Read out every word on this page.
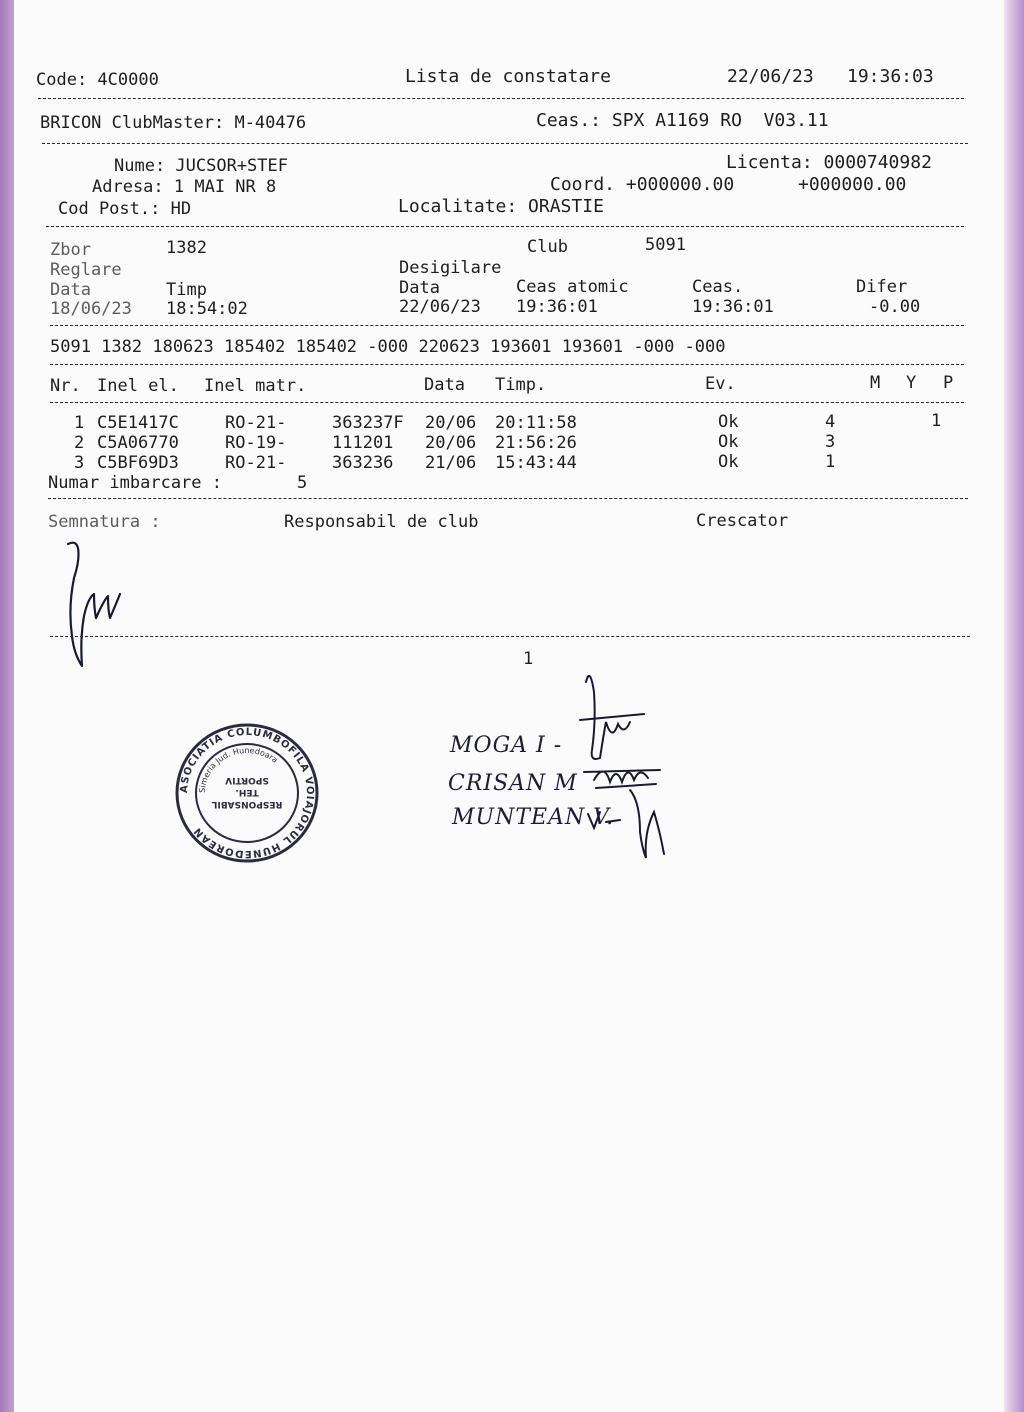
Code: 4C0000	Lista de constatare	22/06/23 19:36:03
BRICON ClubMaster: M-40476	Ceas.: SPX A1169 RO  V03.11
Nume: JUCSOR+STEF	Licenta: 0000740982
Adresa: 1 MAI NR 8	Coord. +000000.00	+000000.00
Cod Post.: HD	Localitate: ORASTIE
Zbor	1382	Club	5091
Reglare	Desigilare
Data	Timp	Data	Ceas atomic	Ceas.	Difer
18/06/23 18:54:02	22/06/23 19:36:01	19:36:01	-0.00
5091 1382 180623 185402 185402 -000 220623 193601 193601 -000 -000
Nr. Inel el. Inel matr.	Data Timp.	Ev.	M Y P
1 C5E1417C	RO-21-	363237F 20/06 20:11:58	Ok	4	1
2 C5A06770	RO-19-	111201 20/06 21:56:26	Ok	3
3 C5BF69D3	RO-21-	363236 21/06 15:43:44	Ok	1
Numar imbarcare :	5
Semnatura :	Responsabil de club	Crescator
1
ASOCIATIA COLUMBOFILA VOIAJORUL HUNEDOREAN
Simeria Jud. Hunedoara
RESPONSABIL
TEH.
SPORTIV
MOGA I -
CRISAN M
MUNTEAN V.
